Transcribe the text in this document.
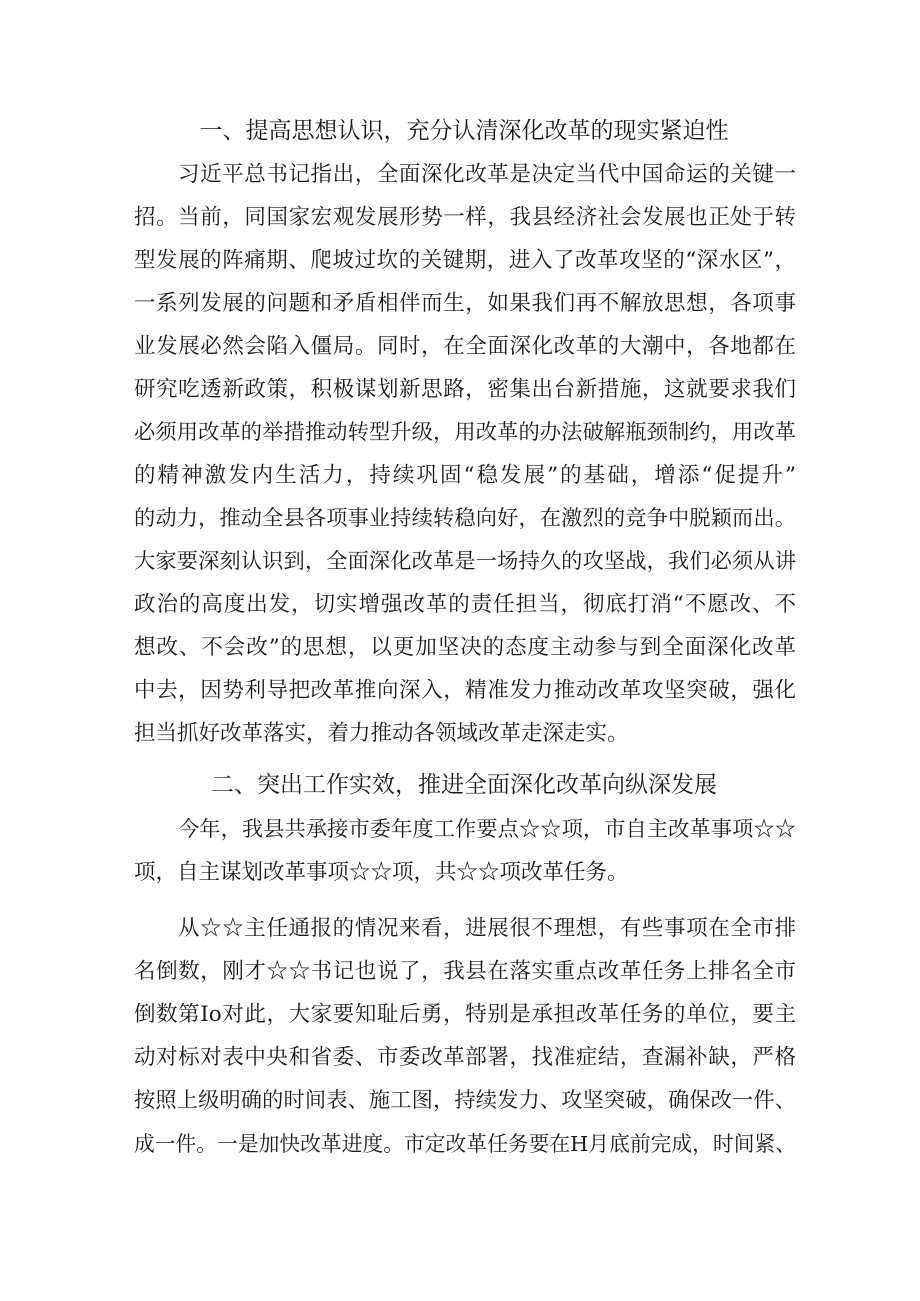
一、提高思想认识，充分认清深化改革的现实紧迫性

习近平总书记指出，全面深化改革是决定当代中国命运的关键一

招。当前，同国家宏观发展形势一样，我县经济社会发展也正处于转

型发展的阵痛期、爬坡过坎的关键期，进入了改革攻坚的“深水区”，

一系列发展的问题和矛盾相伴而生，如果我们再不解放思想，各项事

业发展必然会陷入僵局。同时，在全面深化改革的大潮中，各地都在

研究吃透新政策，积极谋划新思路，密集出台新措施，这就要求我们

必须用改革的举措推动转型升级，用改革的办法破解瓶颈制约，用改革

的精神激发内生活力，持续巩固“稳发展”的基础，增添“促提升”

的动力，推动全县各项事业持续转稳向好，在激烈的竞争中脱颖而出。

大家要深刻认识到，全面深化改革是一场持久的攻坚战，我们必须从讲

政治的高度出发，切实增强改革的责任担当，彻底打消“不愿改、不

想改、不会改”的思想，以更加坚决的态度主动参与到全面深化改革

中去，因势利导把改革推向深入，精准发力推动改革攻坚突破，强化

担当抓好改革落实，着力推动各领域改革走深走实。

二、突出工作实效，推进全面深化改革向纵深发展

今年，我县共承接市委年度工作要点☆☆项，市自主改革事项☆☆

项，自主谋划改革事项☆☆项，共☆☆项改革任务。

从☆☆主任通报的情况来看，进展很不理想，有些事项在全市排

名倒数，刚才☆☆书记也说了，我县在落实重点改革任务上排名全市

倒数第Io对此，大家要知耻后勇，特别是承担改革任务的单位，要主

动对标对表中央和省委、市委改革部署，找准症结，查漏补缺，严格

按照上级明确的时间表、施工图，持续发力、攻坚突破，确保改一件、

成一件。一是加快改革进度。市定改革任务要在H月底前完成，时间紧、
